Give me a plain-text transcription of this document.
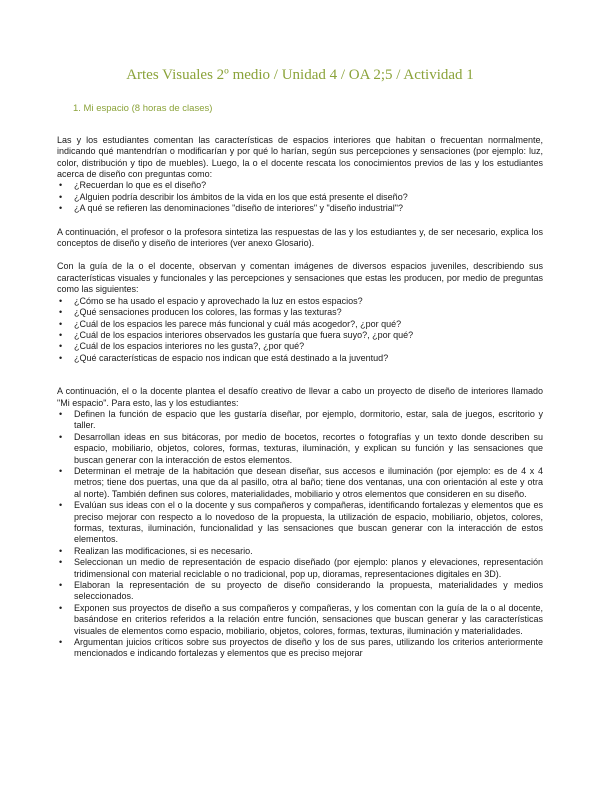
Artes Visuales 2º medio / Unidad 4 / OA 2;5 / Actividad 1
1. Mi espacio (8 horas de clases)

Las y los estudiantes comentan las características de espacios interiores que habitan o frecuentan normalmente, indicando qué mantendrían o modificarían y por qué lo harían, según sus percepciones y sensaciones (por ejemplo: luz, color, distribución y tipo de muebles). Luego, la o el docente rescata los conocimientos previos de las y los estudiantes acerca de diseño con preguntas como:

• ¿Recuerdan lo que es el diseño?
• ¿Alguien podría describir los ámbitos de la vida en los que está presente el diseño?
• ¿A qué se refieren las denominaciones "diseño de interiores" y "diseño industrial"?

A continuación, el profesor o la profesora sintetiza las respuestas de las y los estudiantes y, de ser necesario, explica los conceptos de diseño y diseño de interiores (ver anexo Glosario).

Con la guía de la o el docente, observan y comentan imágenes de diversos espacios juveniles, describiendo sus características visuales y funcionales y las percepciones y sensaciones que estas les producen, por medio de preguntas como las siguientes:

• ¿Cómo se ha usado el espacio y aprovechado la luz en estos espacios?
• ¿Qué sensaciones producen los colores, las formas y las texturas?
• ¿Cuál de los espacios les parece más funcional y cuál más acogedor?, ¿por qué?
• ¿Cuál de los espacios interiores observados les gustaría que fuera suyo?, ¿por qué?
• ¿Cuál de los espacios interiores no les gusta?, ¿por qué?
• ¿Qué características de espacio nos indican que está destinado a la juventud?

A continuación, el o la docente plantea el desafío creativo de llevar a cabo un proyecto de diseño de interiores llamado "Mi espacio". Para esto, las y los estudiantes:

• Definen la función de espacio que les gustaría diseñar, por ejemplo, dormitorio, estar, sala de juegos, escritorio y taller.
• Desarrollan ideas en sus bitácoras, por medio de bocetos, recortes o fotografías y un texto donde describen su espacio, mobiliario, objetos, colores, formas, texturas, iluminación, y explican su función y las sensaciones que buscan generar con la interacción de estos elementos.
• Determinan el metraje de la habitación que desean diseñar, sus accesos e iluminación (por ejemplo: es de 4 x 4 metros; tiene dos puertas, una que da al pasillo, otra al baño; tiene dos ventanas, una con orientación al este y otra al norte). También definen sus colores, materialidades, mobiliario y otros elementos que consideren en su diseño.
• Evalúan sus ideas con el o la docente y sus compañeros y compañeras, identificando fortalezas y elementos que es preciso mejorar con respecto a lo novedoso de la propuesta, la utilización de espacio, mobiliario, objetos, colores, formas, texturas, iluminación, funcionalidad y las sensaciones que buscan generar con la interacción de estos elementos.
• Realizan las modificaciones, si es necesario.
• Seleccionan un medio de representación de espacio diseñado (por ejemplo: planos y elevaciones, representación tridimensional con material reciclable o no tradicional, pop up, dioramas, representaciones digitales en 3D).
• Elaboran la representación de su proyecto de diseño considerando la propuesta, materialidades y medios seleccionados.
• Exponen sus proyectos de diseño a sus compañeros y compañeras, y los comentan con la guía de la o al docente, basándose en criterios referidos a la relación entre función, sensaciones que buscan generar y las características visuales de elementos como espacio, mobiliario, objetos, colores, formas, texturas, iluminación y materialidades.
• Argumentan juicios críticos sobre sus proyectos de diseño y los de sus pares, utilizando los criterios anteriormente mencionados e indicando fortalezas y elementos que es preciso mejorar
